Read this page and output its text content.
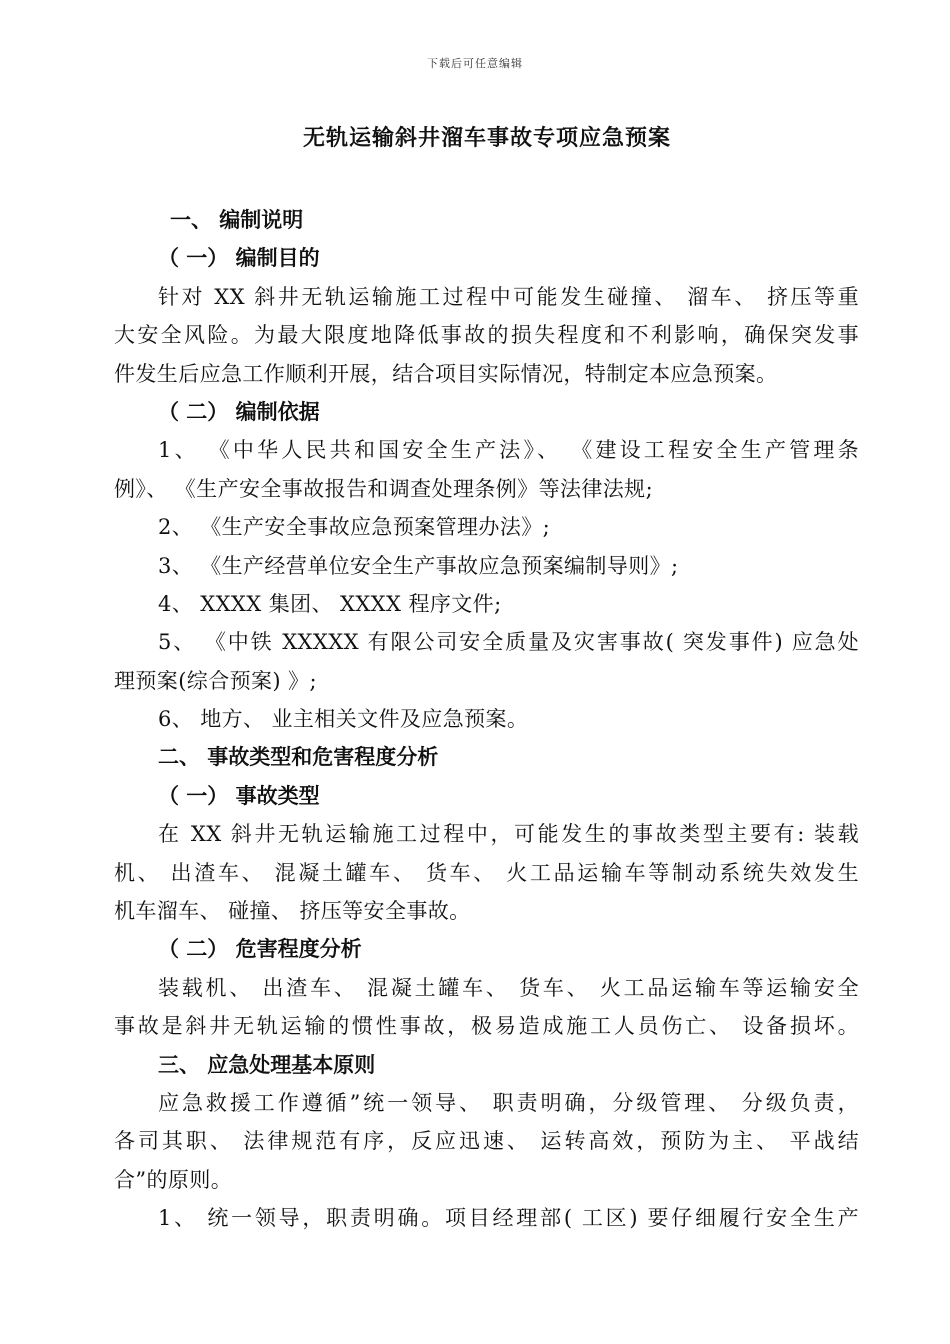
下载后可任意编辑
无轨运输斜井溜车事故专项应急预案
一、 编制说明
（ 一） 编制目的
针对 XX 斜井无轨运输施工过程中可能发生碰撞、 溜车、 挤压等重
大安全风险。为最大限度地降低事故的损失程度和不利影响，确保突发事
件发生后应急工作顺利开展，结合项目实际情况，特制定本应急预案。
（ 二） 编制依据
1、 《中华人民共和国安全生产法》、 《建设工程安全生产管理条
例》、 《生产安全事故报告和调查处理条例》等法律法规;
2、 《生产安全事故应急预案管理办法》;
3、 《生产经营单位安全生产事故应急预案编制导则》;
4、 XXXX 集团、 XXXX 程序文件;
5、 《中铁 XXXXX 有限公司安全质量及灾害事故( 突发事件) 应急处
理预案(综合预案) 》;
6、 地方、 业主相关文件及应急预案。
二、 事故类型和危害程度分析
（ 一） 事故类型
在 XX 斜井无轨运输施工过程中，可能发生的事故类型主要有: 装载
机、 出渣车、 混凝土罐车、 货车、 火工品运输车等制动系统失效发生
机车溜车、 碰撞、 挤压等安全事故。
（ 二） 危害程度分析
装载机、 出渣车、 混凝土罐车、 货车、 火工品运输车等运输安全
事故是斜井无轨运输的惯性事故，极易造成施工人员伤亡、 设备损坏。
三、 应急处理基本原则
应急救援工作遵循”统一领导、 职责明确，分级管理、 分级负责，
各司其职、 法律规范有序，反应迅速、 运转高效，预防为主、 平战结
合”的原则。
1、 统一领导，职责明确。项目经理部( 工区) 要仔细履行安全生产
